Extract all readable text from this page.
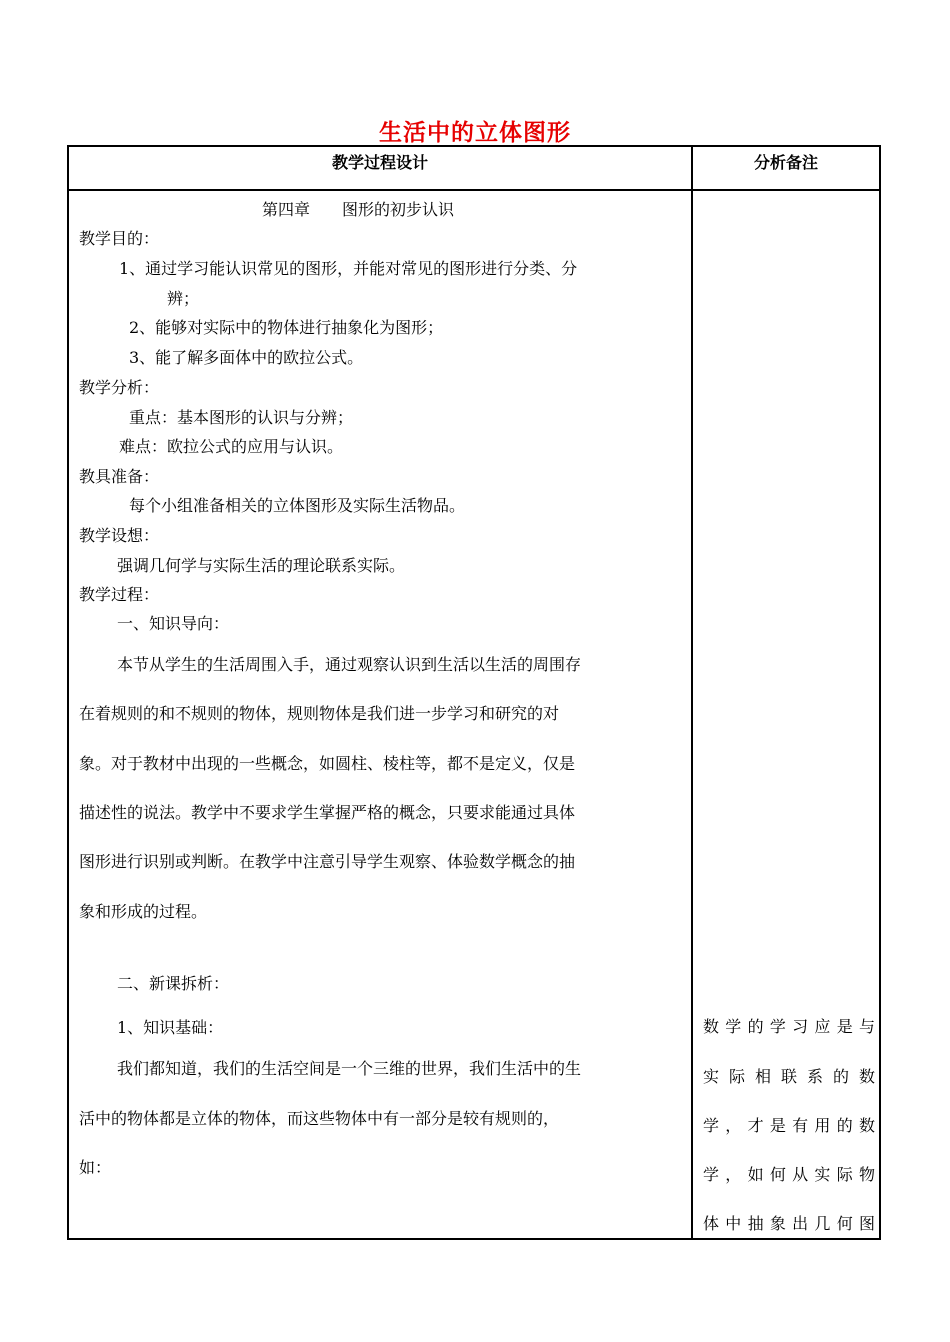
生活中的立体图形
教学过程设计	分析备注
第四章　　图形的初步认识
教学目的：
1、通过学习能认识常见的图形，并能对常见的图形进行分类、分
辨；
2、能够对实际中的物体进行抽象化为图形；
3、能了解多面体中的欧拉公式。
教学分析：
重点：基本图形的认识与分辨；
难点：欧拉公式的应用与认识。
教具准备：
每个小组准备相关的立体图形及实际生活物品。
教学设想：
强调几何学与实际生活的理论联系实际。
教学过程：
一、知识导向：
本节从学生的生活周围入手，通过观察认识到生活以生活的周围存
在着规则的和不规则的物体，规则物体是我们进一步学习和研究的对
象。对于教材中出现的一些概念，如圆柱、棱柱等，都不是定义，仅是
描述性的说法。教学中不要求学生掌握严格的概念，只要求能通过具体
图形进行识别或判断。在教学中注意引导学生观察、体验数学概念的抽
象和形成的过程。
二、新课拆析：
1、知识基础：
我们都知道，我们的生活空间是一个三维的世界，我们生活中的生
活中的物体都是立体的物体，而这些物体中有一部分是较有规则的，
如：
数学的学习应是与
实际相联系的数
学，才是有用的数
学，如何从实际物
体中抽象出几何图
